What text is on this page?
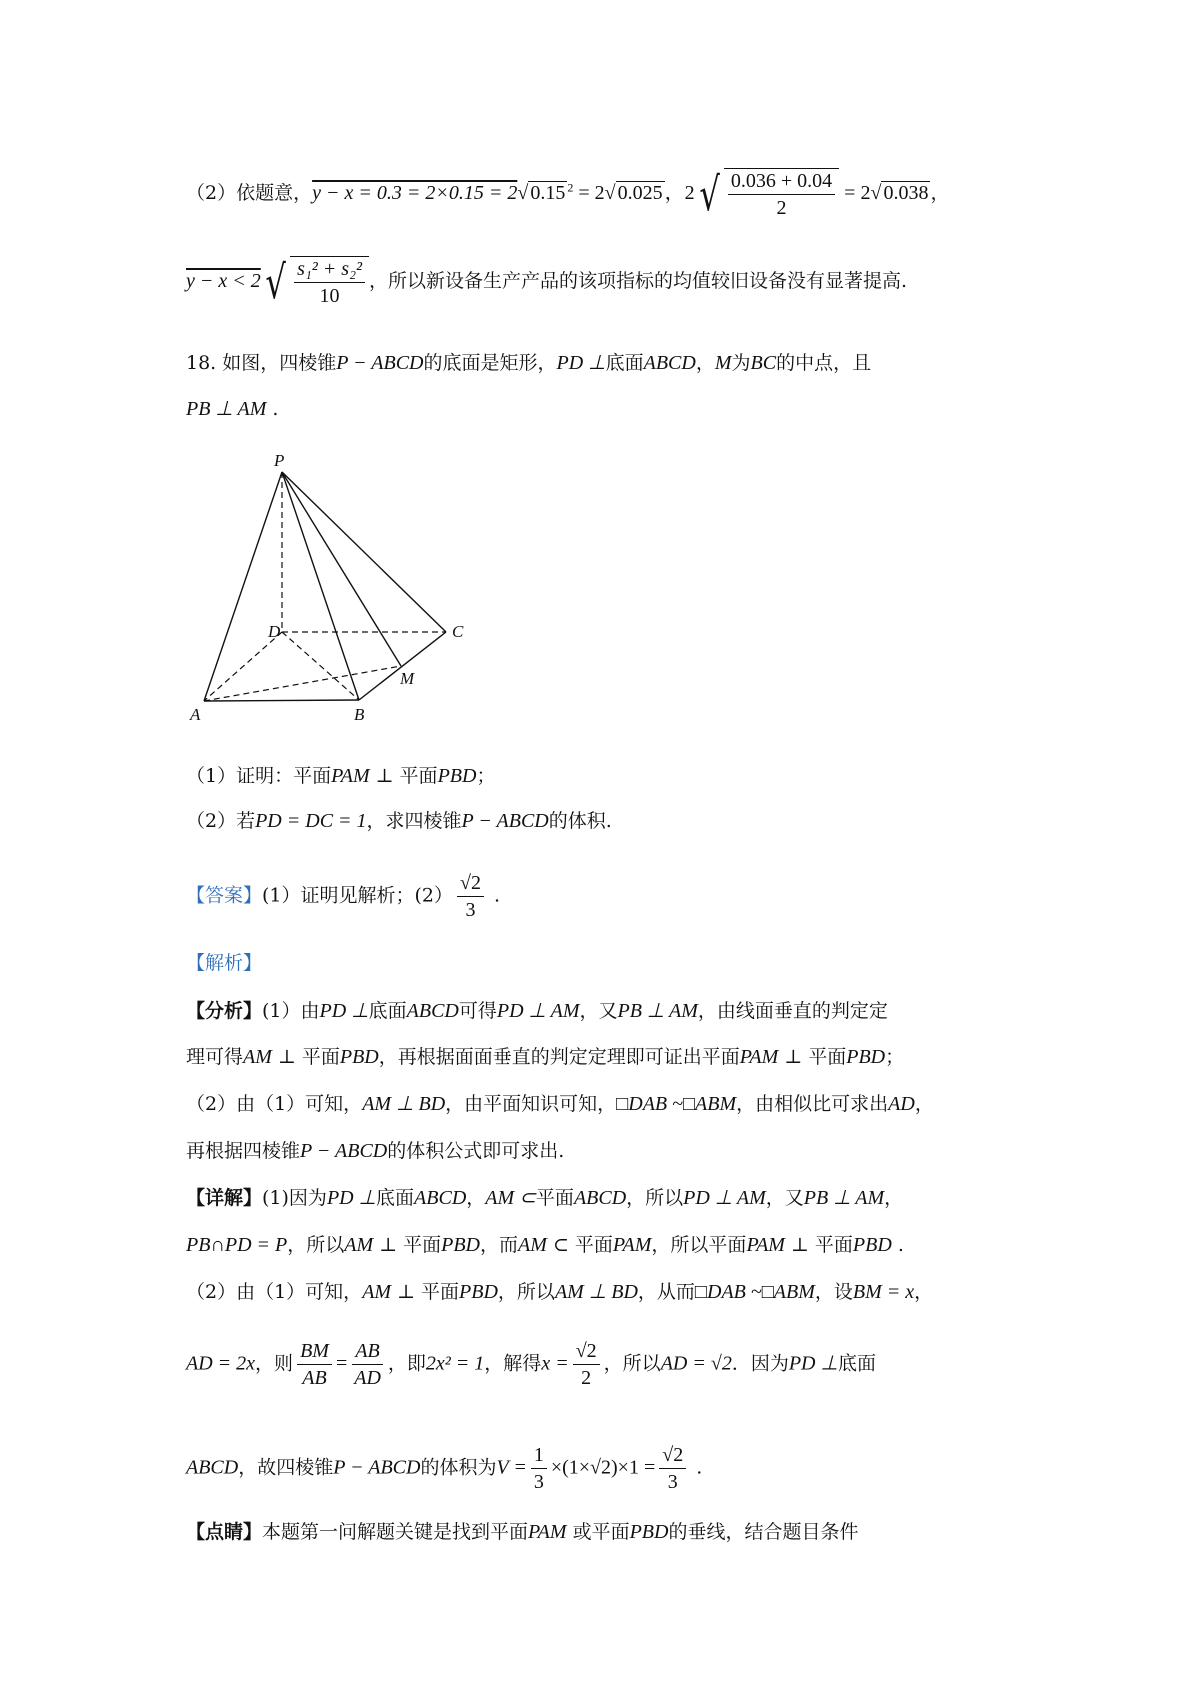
（2）依题意，y − x = 0.3 = 2×0.15 = 2√ 0.15 $^2$ = 2√ 0.025 ，2 √ $\frac{0.036 + 0.04}{2} = 2√$ 0.038 ，
y − x < 2 √ $\frac{\text{s₁² + s₂²}}{10}$ ，所以新设备生产产品的该项指标的均值较旧设备没有显著提高.
18. 如图，四棱锥P − ABCD的底面是矩形，PD ⊥底面ABCD，M为BC的中点，且
PB ⊥ AM .
P
D	C
M
A	B
（1）证明：平面PAM ⊥ 平面PBD；
（2）若PD = DC = 1，求四棱锥P − ABCD的体积.
【答案】(1）证明见解析；$(2) \frac{√2}{3}$ .
【解析】
【分析】(1）由PD ⊥底面ABCD可得PD ⊥ AM，又PB ⊥ AM，由线面垂直的判定定
理可得AM ⊥ 平面PBD，再根据面面垂直的判定定理即可证出平面PAM ⊥ 平面PBD；
（2）由（1）可知，AM ⊥ BD，由平面知识可知，□DAB ~□ABM，由相似比可求出AD，
再根据四棱锥P − ABCD的体积公式即可求出.
【详解】(1)因为PD ⊥底面ABCD，AM ⊂平面ABCD，所以PD ⊥ AM，又PB ⊥ AM，
PB∩PD = P，所以AM ⊥ 平面PBD，而AM ⊂ 平面PAM，所以平面PAM ⊥ 平面PBD .
（2）由（1）可知，AM ⊥ 平面PBD，所以AM ⊥ BD，从而□DAB ~□ABM，设BM = x，
AD = 2x，则 $\frac{BM}{AB} = \frac{AB}{AD}$ ，即2x² = 1，解得$x = \frac{√2}{2}$ ，所以AD = √2．因为PD ⊥底面
ABCD，故四棱锥P − ABCD的体积为$V = \frac{1}{3} \times(1\times√2)\times 1 = \frac{√2}{3}$ .
【点睛】本题第一问解题关键是找到平面PAM 或平面PBD的垂线，结合题目条件
